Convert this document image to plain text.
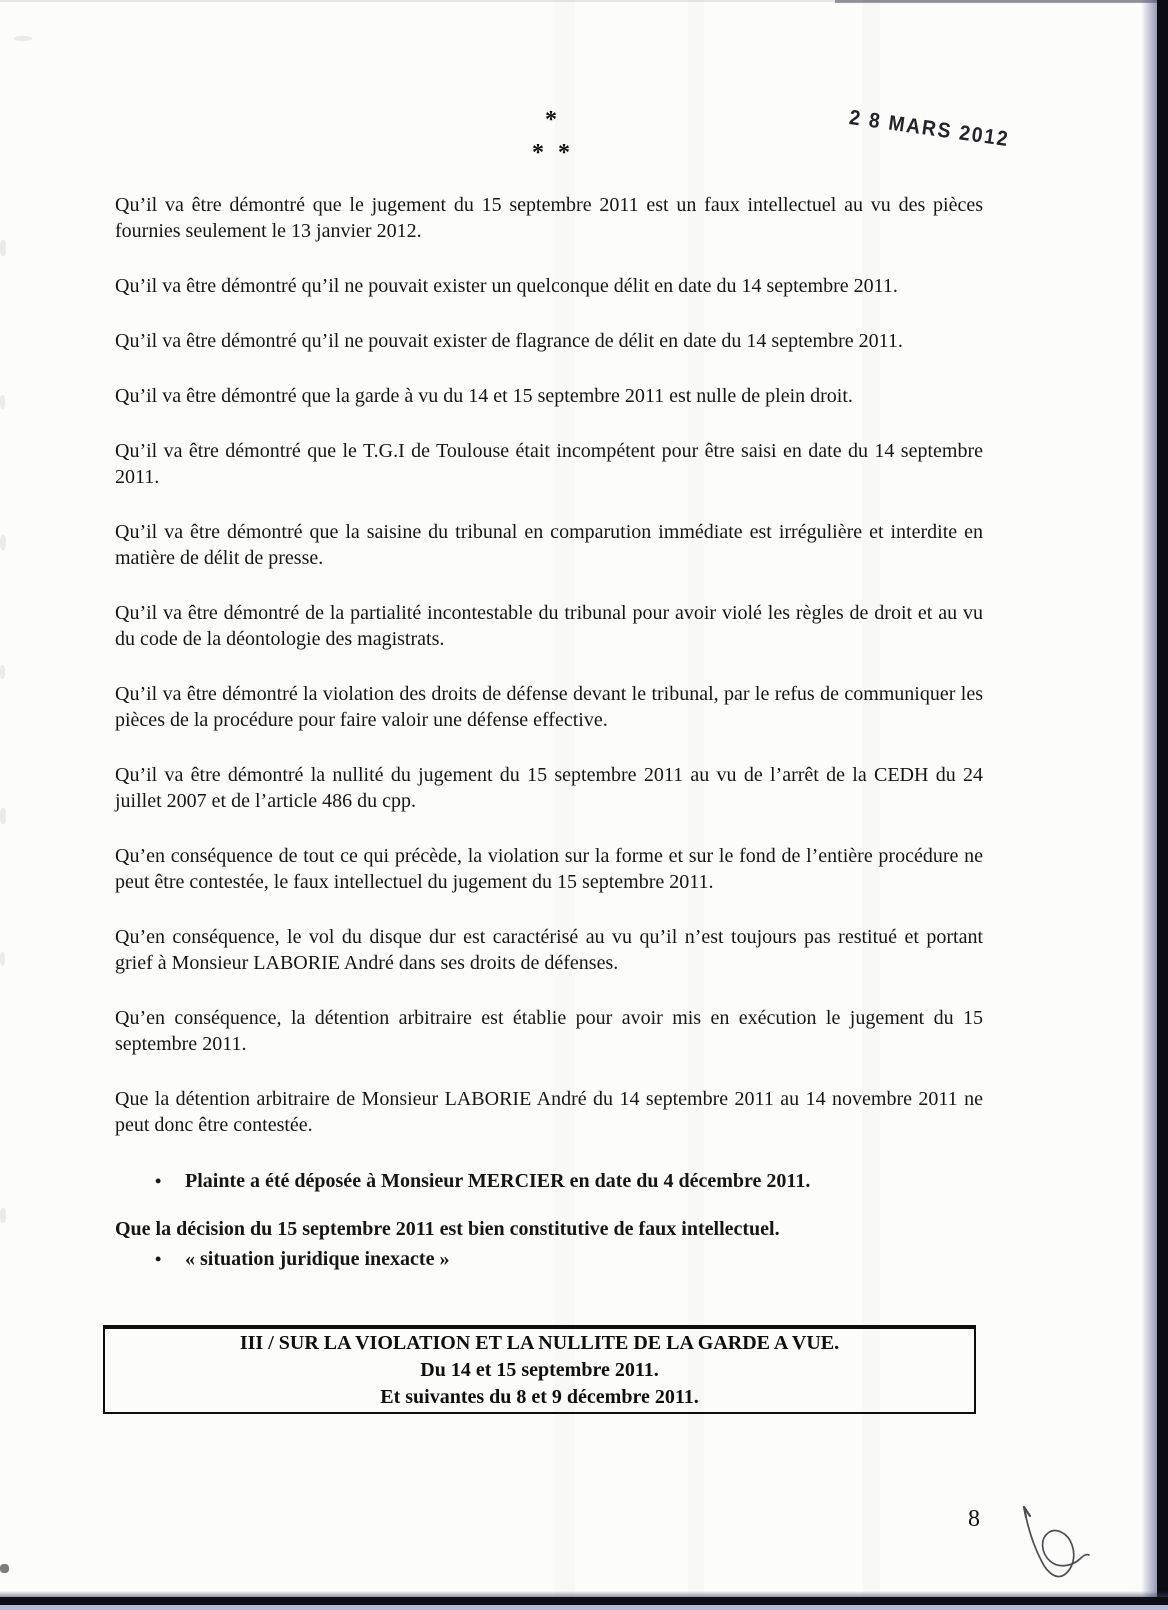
*
* *
2 8 MARS 2012

Qu’il va être démontré que le jugement du 15 septembre 2011 est un faux intellectuel au vu des pièces fournies seulement le 13 janvier 2012.

Qu’il va être démontré qu’il ne pouvait exister un quelconque délit en date du 14 septembre 2011.

Qu’il va être démontré qu’il ne pouvait exister de flagrance de délit en date du 14 septembre 2011.

Qu’il va être démontré que la garde à vu du 14 et 15 septembre 2011 est nulle de plein droit.

Qu’il va être démontré que le T.G.I de Toulouse était incompétent pour être saisi en date du 14 septembre 2011.

Qu’il va être démontré que la saisine du tribunal en comparution immédiate est irrégulière et interdite en matière de délit de presse.

Qu’il va être démontré de la partialité incontestable du tribunal pour avoir violé les règles de droit et au vu du code de la déontologie des magistrats.

Qu’il va être démontré la violation des droits de défense devant le tribunal, par le refus de communiquer les pièces de la procédure pour faire valoir une défense effective.

Qu’il va être démontré la nullité du jugement du 15 septembre 2011 au vu de l’arrêt de la CEDH du 24 juillet 2007 et de l’article 486 du cpp.

Qu’en conséquence de tout ce qui précède, la violation sur la forme et sur le fond de l’entière procédure ne peut être contestée, le faux intellectuel du jugement du 15 septembre 2011.

Qu’en conséquence, le vol du disque dur est caractérisé au vu qu’il n’est toujours pas restitué et portant grief à Monsieur LABORIE André dans ses droits de défenses.

Qu’en conséquence, la détention arbitraire est établie pour avoir mis en exécution le jugement du 15 septembre 2011.

Que la détention arbitraire de Monsieur LABORIE André du 14 septembre 2011 au 14 novembre 2011 ne peut donc être contestée.

•	Plainte a été déposée à Monsieur MERCIER en date du 4 décembre 2011.
Que la décision du 15 septembre 2011 est bien constitutive de faux intellectuel.
•	« situation juridique inexacte »
III / SUR LA VIOLATION ET LA NULLITE DE LA GARDE A VUE.
Du 14 et 15 septembre 2011.
Et suivantes du 8 et 9 décembre 2011.
8
